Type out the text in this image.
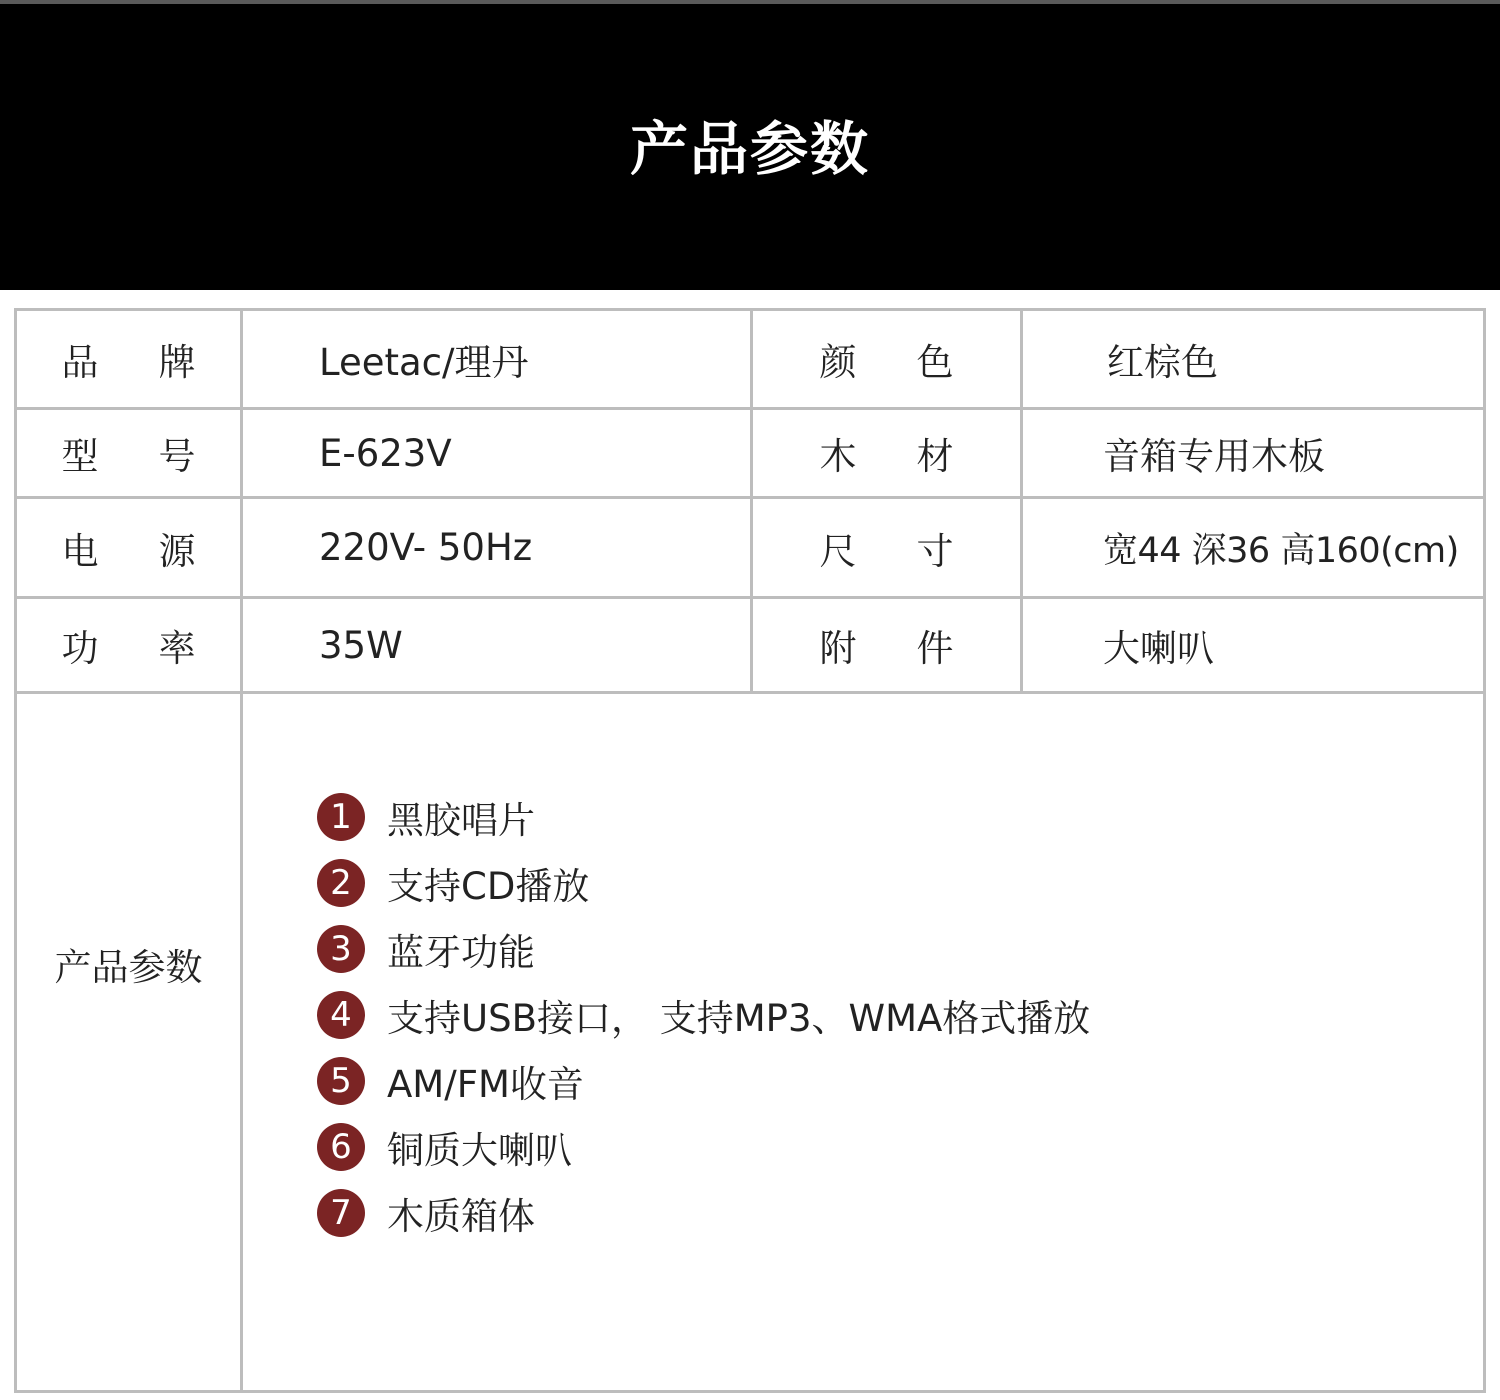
产品参数
品 牌	Leetac/理丹	颜 色	红棕色
型 号	E-623V	木 材	音箱专用木板
电 源	220V- 50Hz	尺 寸	宽44 深36 高160(cm)
功 率	35W	附 件	大喇叭
产品参数
1 黑胶唱片
2 支持CD播放
3 蓝牙功能
4 支持USB接口， 支持MP3、WMA格式播放
5 AM/FM收音
6 铜质大喇叭
7 木质箱体
